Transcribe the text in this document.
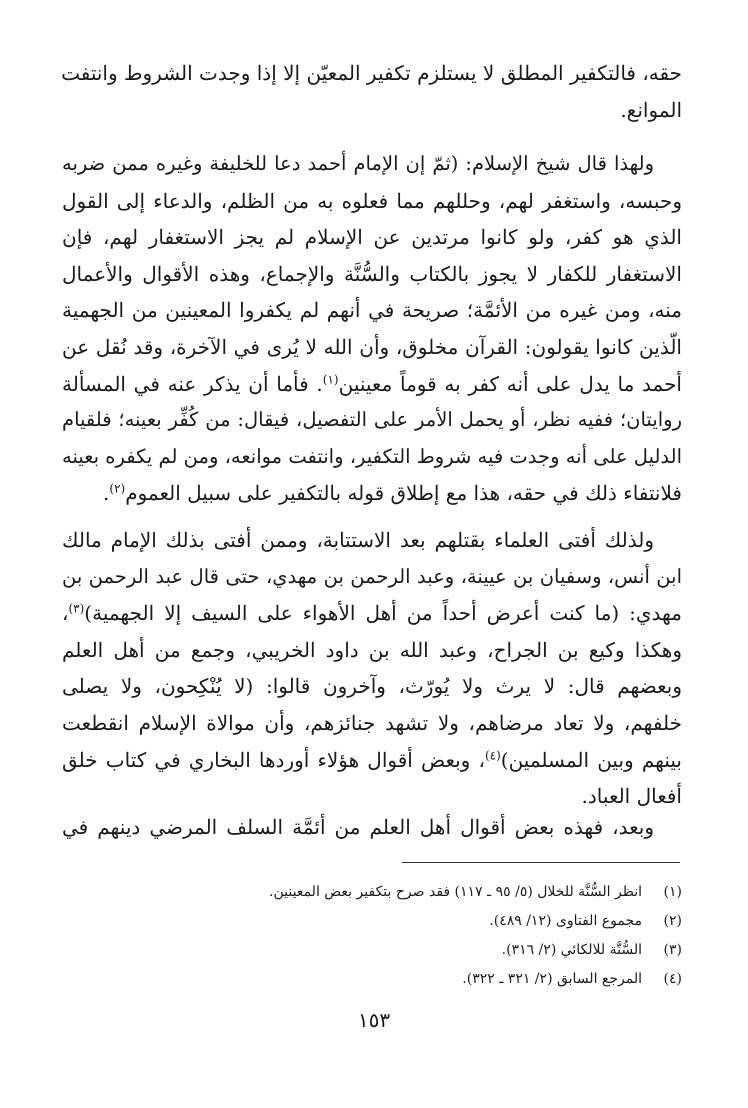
حقه، فالتكفير المطلق لا يستلزم تكفير المعيّن إلا إذا وجدت الشروط وانتفت
الموانع.
ولهذا قال شيخ الإسلام: (ثمّ إن الإمام أحمد دعا للخليفة وغيره ممن ضربه
وحبسه، واستغفر لهم، وحللهم مما فعلوه به من الظلم، والدعاء إلى القول
الذي هو كفر، ولو كانوا مرتدين عن الإسلام لم يجز الاستغفار لهم، فإن
الاستغفار للكفار لا يجوز بالكتاب والسُّنَّة والإجماع، وهذه الأقوال والأعمال
منه، ومن غيره من الأئمَّة؛ صريحة في أنهم لم يكفروا المعينين من الجهمية
الّذين كانوا يقولون: القرآن مخلوق، وأن الله لا يُرى في الآخرة، وقد نُقل عن
أحمد ما يدل على أنه كفر به قوماً معينين$^{(١)}$. فأما أن يذكر عنه في المسألة
روايتان؛ ففيه نظر، أو يحمل الأمر على التفصيل، فيقال: من كُفِّر بعينه؛ فلقيام
الدليل على أنه وجدت فيه شروط التكفير، وانتفت موانعه، ومن لم يكفره بعينه
فلانتفاء ذلك في حقه، هذا مع إطلاق قوله بالتكفير على سبيل العموم$^{(٢)}$.
ولذلك أفتى العلماء بقتلهم بعد الاستتابة، وممن أفتى بذلك الإمام مالك
ابن أنس، وسفيان بن عيينة، وعبد الرحمن بن مهدي، حتى قال عبد الرحمن بن
مهدي: (ما كنت أعرض أحداً من أهل الأهواء على السيف إلا الجهمية)$^{(٣)}$،
وهكذا وكيع بن الجراح، وعبد الله بن داود الخريبي، وجمع من أهل العلم
وبعضهم قال: لا يرث ولا يُورّث، وآخرون قالوا: (لا يُنْكِحون، ولا يصلى
خلفهم، ولا تعاد مرضاهم، ولا تشهد جنائزهم، وأن موالاة الإسلام انقطعت
بينهم وبين المسلمين)$^{(٤)}$، وبعض أقوال هؤلاء أوردها البخاري في كتاب خلق
أفعال العباد.
وبعد، فهذه بعض أقوال أهل العلم من أئمَّة السلف المرضي دينهم في
(١)انظر السُّنَّة للخلال (٥/ ٩٥ ـ ١١٧) فقد صرح بتكفير بعض المعينين.
(٢)مجموع الفتاوى (١٢/ ٤٨٩).
(٣)السُّنَّة للالكائي (٢/ ٣١٦).
(٤)المرجع السابق (٢/ ٣٢١ ـ ٣٢٢).
١٥٣
